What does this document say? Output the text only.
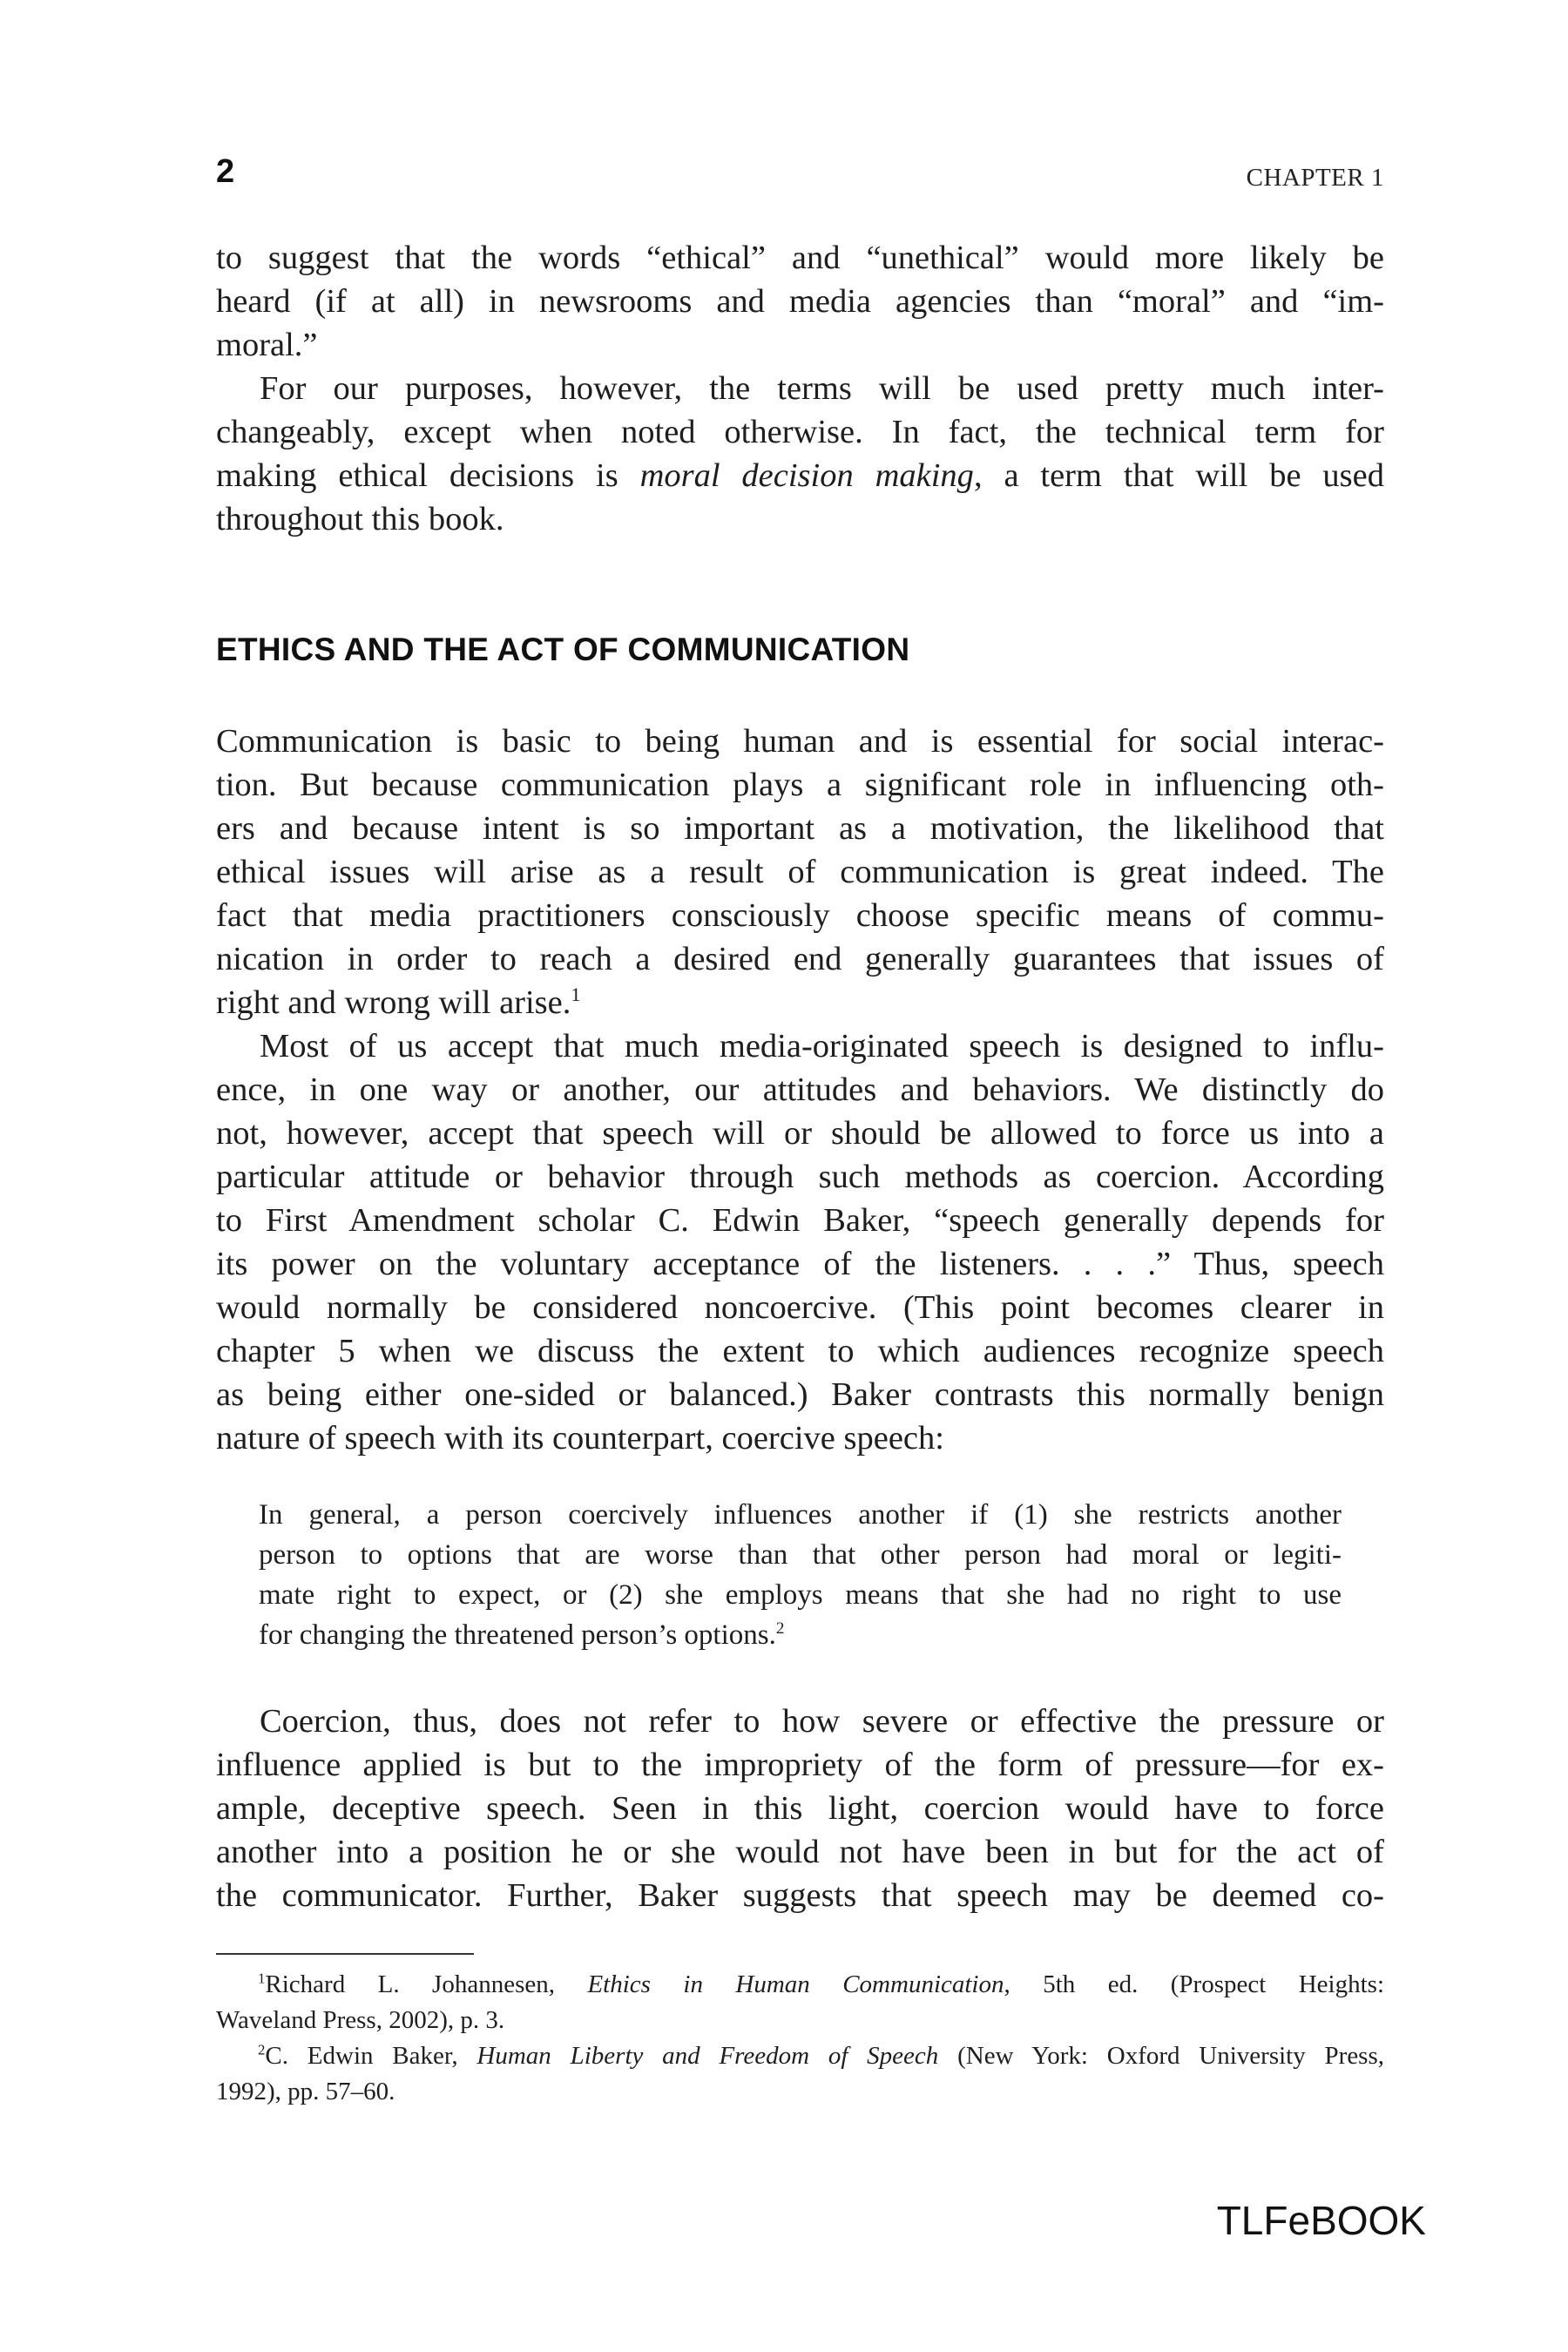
2	CHAPTER 1
to suggest that the words “ethical” and “unethical” would more likely be
heard (if at all) in newsrooms and media agencies than “moral” and “im-
moral.”
For our purposes, however, the terms will be used pretty much inter-
changeably, except when noted otherwise. In fact, the technical term for
making ethical decisions is moral decision making, a term that will be used
throughout this book.
ETHICS AND THE ACT OF COMMUNICATION
Communication is basic to being human and is essential for social interac-
tion. But because communication plays a significant role in influencing oth-
ers and because intent is so important as a motivation, the likelihood that
ethical issues will arise as a result of communication is great indeed. The
fact that media practitioners consciously choose specific means of commu-
nication in order to reach a desired end generally guarantees that issues of
right and wrong will arise.$^1$
Most of us accept that much media-originated speech is designed to influ-
ence, in one way or another, our attitudes and behaviors. We distinctly do
not, however, accept that speech will or should be allowed to force us into a
particular attitude or behavior through such methods as coercion. According
to First Amendment scholar C. Edwin Baker, “speech generally depends for
its power on the voluntary acceptance of the listeners. . . .” Thus, speech
would normally be considered noncoercive. (This point becomes clearer in
chapter 5 when we discuss the extent to which audiences recognize speech
as being either one-sided or balanced.) Baker contrasts this normally benign
nature of speech with its counterpart, coercive speech:
In general, a person coercively influences another if (1) she restricts another
person to options that are worse than that other person had moral or legiti-
mate right to expect, or (2) she employs means that she had no right to use
for changing the threatened person’s options.$^2$
Coercion, thus, does not refer to how severe or effective the pressure or
influence applied is but to the impropriety of the form of pressure—for ex-
ample, deceptive speech. Seen in this light, coercion would have to force
another into a position he or she would not have been in but for the act of
the communicator. Further, Baker suggests that speech may be deemed co-
$^1$Richard L. Johannesen, Ethics in Human Communication, 5th ed. (Prospect Heights:
Waveland Press, 2002), p. 3.
$^2$C. Edwin Baker, Human Liberty and Freedom of Speech (New York: Oxford University Press,
1992), pp. 57–60.
TLFeBOOK
